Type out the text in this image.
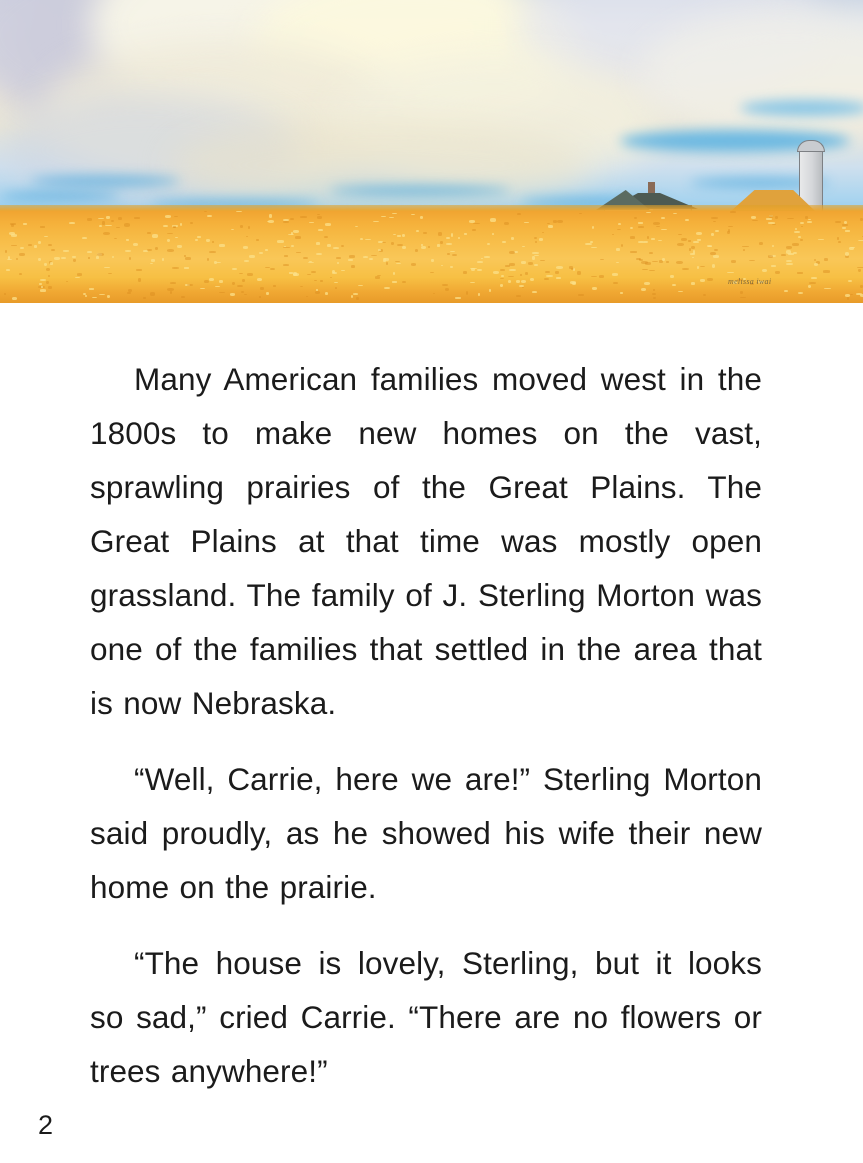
melissa iwai

Many American families moved west in the 1800s to make new homes on the vast, sprawling prairies of the Great Plains. The Great Plains at that time was mostly open grassland. The family of J. Sterling Morton was one of the families that settled in the area that is now Nebraska.

“Well, Carrie, here we are!” Sterling Morton said proudly, as he showed his wife their new home on the prairie.

“The house is lovely, Sterling, but it looks so sad,” cried Carrie. “There are no flowers or trees anywhere!”

2
